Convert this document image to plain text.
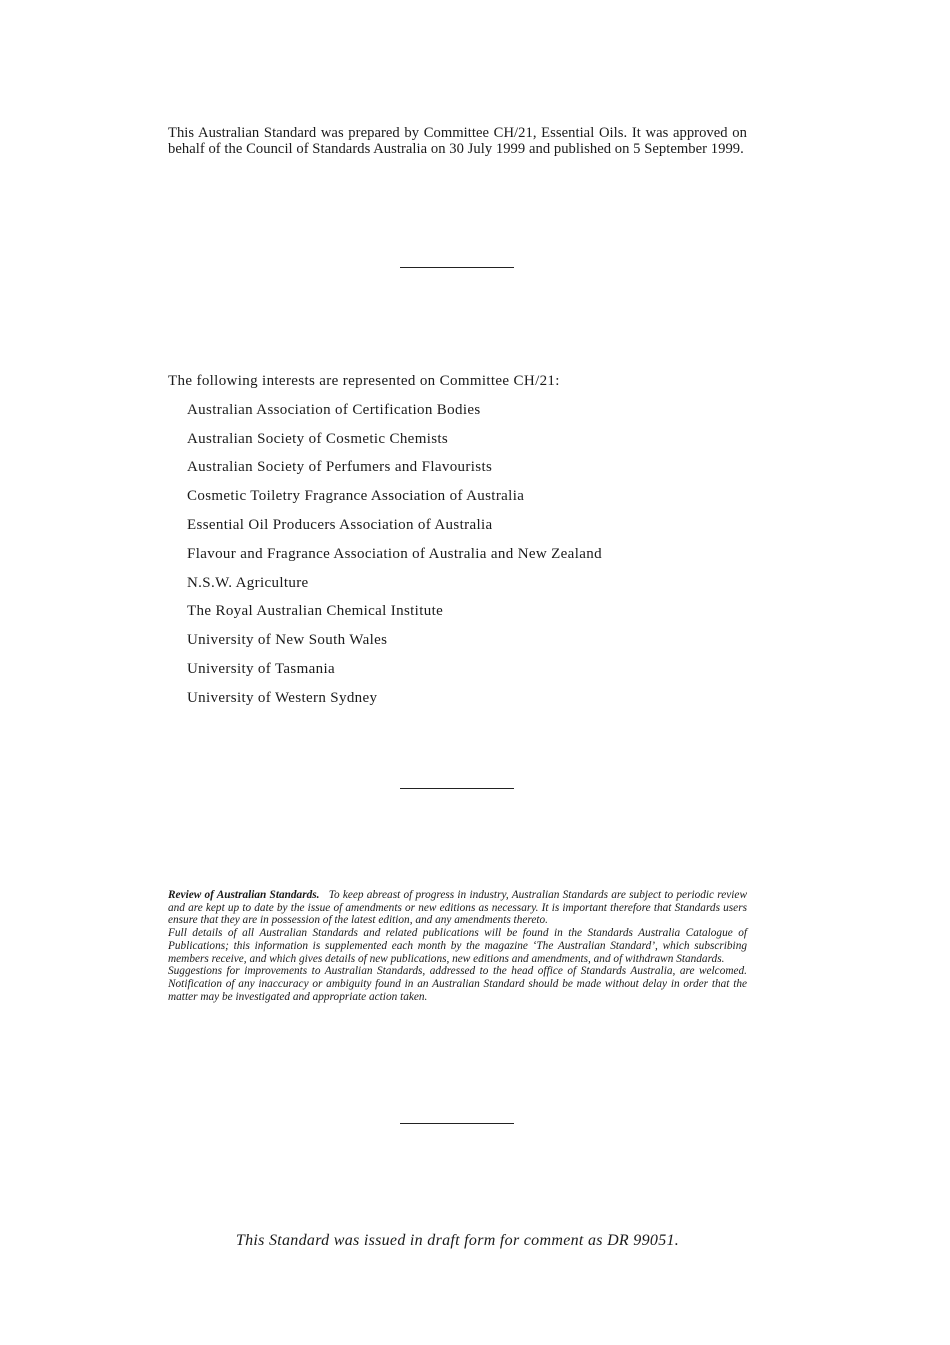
This Australian Standard was prepared by Committee CH/21, Essential Oils. It was approved on behalf of the Council of Standards Australia on 30 July 1999 and published on 5 September 1999.

The following interests are represented on Committee CH/21:

Australian Association of Certification Bodies
Australian Society of Cosmetic Chemists
Australian Society of Perfumers and Flavourists
Cosmetic Toiletry Fragrance Association of Australia
Essential Oil Producers Association of Australia
Flavour and Fragrance Association of Australia and New Zealand
N.S.W. Agriculture
The Royal Australian Chemical Institute
University of New South Wales
University of Tasmania
University of Western Sydney

Review of Australian Standards. To keep abreast of progress in industry, Australian Standards are subject to periodic review and are kept up to date by the issue of amendments or new editions as necessary. It is important therefore that Standards users ensure that they are in possession of the latest edition, and any amendments thereto.

Full details of all Australian Standards and related publications will be found in the Standards Australia Catalogue of Publications; this information is supplemented each month by the magazine ‘The Australian Standard’, which subscribing members receive, and which gives details of new publications, new editions and amendments, and of withdrawn Standards.

Suggestions for improvements to Australian Standards, addressed to the head office of Standards Australia, are welcomed. Notification of any inaccuracy or ambiguity found in an Australian Standard should be made without delay in order that the matter may be investigated and appropriate action taken.

This Standard was issued in draft form for comment as DR 99051.
